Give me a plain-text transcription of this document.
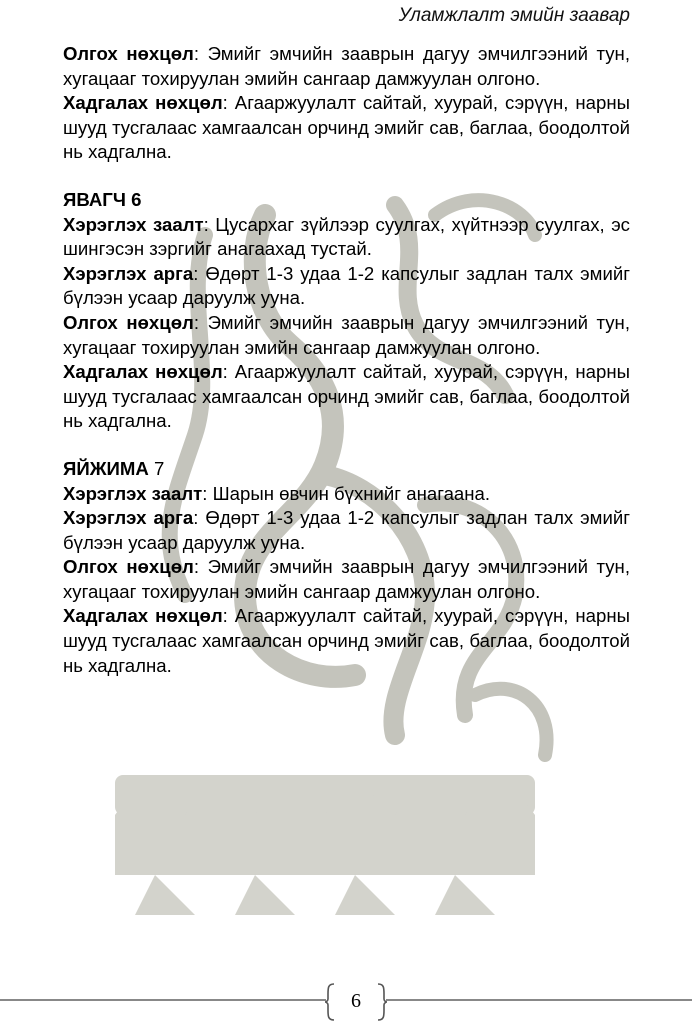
Уламжлалт эмийн заавар

Олгох нөхцөл: Эмийг эмчийн зааврын дагуу эмчилгээний тун, хугацааг тохируулан эмийн сангаар дамжуулан олгоно.

Хадгалах нөхцөл: Агааржуулалт сайтай, хуурай, сэрүүн, нарны шууд тусгалаас хамгаалсан орчинд эмийг сав, баглаа, боодолтой нь хадгална.

ЯВАГЧ 6

Хэрэглэх заалт: Цусархаг зүйлээр суулгах, хүйтнээр суулгах, эс шингэсэн зэргийг анагаахад тустай.

Хэрэглэх арга: Өдөрт 1-3 удаа 1-2 капсулыг задлан талх эмийг бүлээн усаар даруулж ууна.

Олгох нөхцөл: Эмийг эмчийн зааврын дагуу эмчилгээний тун, хугацааг тохируулан эмийн сангаар дамжуулан олгоно.

Хадгалах нөхцөл: Агааржуулалт сайтай, хуурай, сэрүүн, нарны шууд тусгалаас хамгаалсан орчинд эмийг сав, баглаа, боодолтой нь хадгална.

ЯЙЖИМА 7

Хэрэглэх заалт: Шарын өвчин бүхнийг анагаана.

Хэрэглэх арга: Өдөрт 1-3 удаа 1-2 капсулыг задлан талх эмийг бүлээн усаар даруулж ууна.

Олгох нөхцөл: Эмийг эмчийн зааврын дагуу эмчилгээний тун, хугацааг тохируулан эмийн сангаар дамжуулан олгоно.

Хадгалах нөхцөл: Агааржуулалт сайтай, хуурай, сэрүүн, нарны шууд тусгалаас хамгаалсан орчинд эмийг сав, баглаа, боодолтой нь хадгална.

6
